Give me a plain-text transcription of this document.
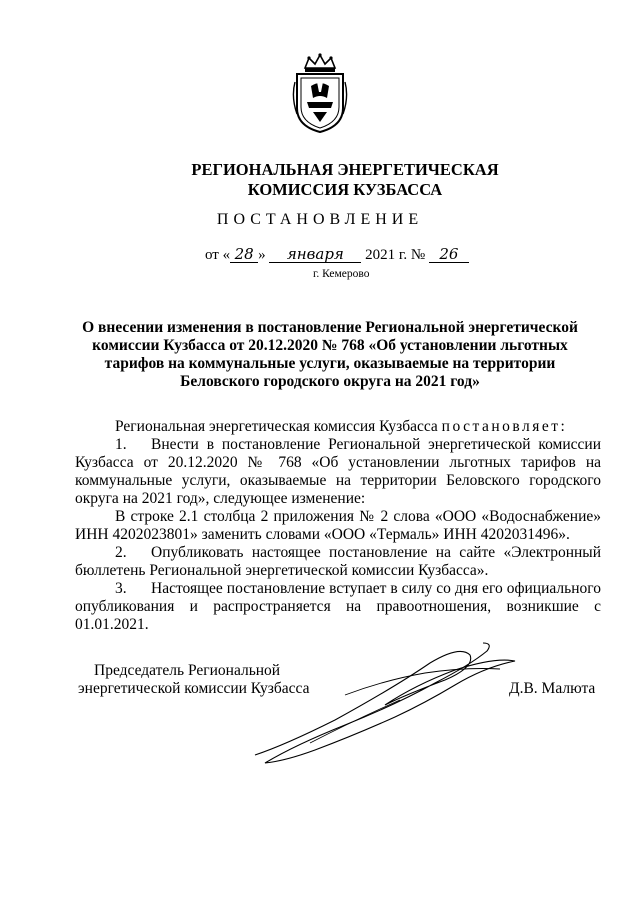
РЕГИОНАЛЬНАЯ ЭНЕРГЕТИЧЕСКАЯ КОМИССИЯ КУЗБАССА
ПОСТАНОВЛЕНИЕ
от « 28 » января 2021 г. № 26
г. Кемерово
О внесении изменения в постановление Региональной энергетической комиссии Кузбасса от 20.12.2020 № 768 «Об установлении льготных тарифов на коммунальные услуги, оказываемые на территории Беловского городского округа на 2021 год»

Региональная энергетическая комиссия Кузбасса постановляет:

1. Внести в постановление Региональной энергетической комиссии Кузбасса от 20.12.2020 № 768 «Об установлении льготных тарифов на коммунальные услуги, оказываемые на территории Беловского городского округа на 2021 год», следующее изменение:

В строке 2.1 столбца 2 приложения № 2 слова «ООО «Водоснабжение» ИНН 4202023801» заменить словами «ООО «Термаль» ИНН 4202031496».

2. Опубликовать настоящее постановление на сайте «Электронный бюллетень Региональной энергетической комиссии Кузбасса».

3. Настоящее постановление вступает в силу со дня его официального опубликования и распространяется на правоотношения, возникшие с 01.01.2021.

Председатель Региональной
энергетической комиссии Кузбасса	Д.В. Малюта
